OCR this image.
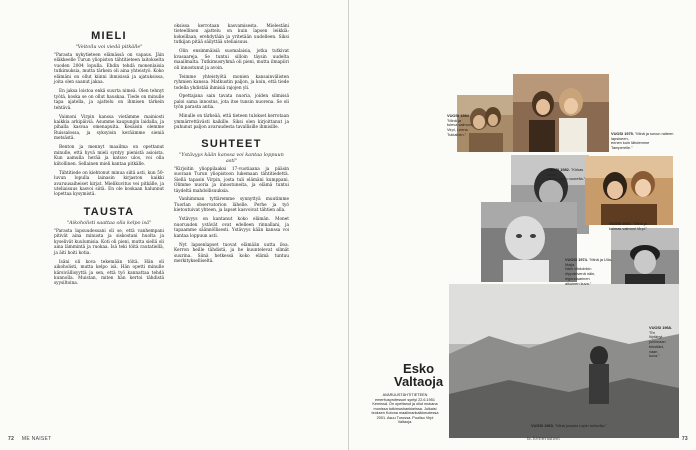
MIELI
"Veitoilu voi viedä pitkälle"

"Parasta nykytieteen elämässä on vapaus. Jäin eläkkeelle Turun yliopiston tähtitieteen laitokselta vuoden 2004 lopulla. Ehdin tehdä monenlaisia tutkimuksia, mutta tärkein oli aina yhteistyö. Koko elämäni on ollut kiinni ihmisissä ja ajatuksissa, joita olen saanut jakaa.

En jaksa loistoa enkä suurta nimeä. Olen tehnyt työtä, koska se on ollut hauskaa. Tiede on minulle tapa ajatella, ja ajattelu on ihmisen tärkein tehtävä.

Vaimoni Virpin kanssa vietämme mainiosti kaikkia arkipäiviä. Asumme kaupungin laidalla, ja pihalla kasvaa omenapuita. Kesäisin olemme Ruissalossa, ja syksyisin keräämme sieniä metsästä.

Benton ja mennyt maailma on opettanut minulle, että hyvä mieli syntyy pienistä asioista. Kun aamulla herää ja katsoo ulos, voi olla kiitollinen. Sellainen mieli kantaa pitkälle.

Tähtitiede on kiehtonut minua siitä asti, kun 50-luvun lopulla lainasin kirjaston kaikki avaruusaiheiset kirjat. Mielikuvitus vei pitkälle, ja uteliaisuus kasvoi siitä. En ole koskaan halunnut lopettaa kysymistä.

TAUSTA
"Aikoholisti saattaa olla kelpo isä"

"Parasta lapsuudessani oli se, että vanhempani pitivät aina minusta ja siskostani huolta ja kyselivät kuulumisia. Koti oli pieni, mutta siellä oli aina lämmintä ja ruokaa. Isä teki töitä rautatiellä, ja äiti hoiti kotia.

Isäni oli kova tekemään töitä. Hän oli aikoholisti, mutta kelpo isä. Hän opetti minulle kärsivällisyyttä ja sen, että työ kannattaa tehdä kunnolla. Muistan, miten hän kertoi tähdistä syysiltoina.

oksissa kerrotaan kasvamisesta. Mielestäni tieteellinen ajattelu on kuin lapsen leikkiä: kokeillaan, erehdytään ja yritetään uudelleen. Siksi tutkijan pitää säilyttää uteliaisuus.

Olin ensimmäisiä suomalaisia, jotka tutkivat kvasaareja. Se tuntui silloin täysin uudelta maailmalta. Tutkimusryhmä oli pieni, mutta ilmapiiri oli innostunut ja avoin.

Teimme yhteistyötä monien kansainvälisten ryhmien kanssa. Matkustin paljon, ja koin, että tiede todella yhdistää ihmisiä rajojen yli.

Opettajana sain tavata nuoria, joiden silmissä paloi sama innostus, jota itse tunsin nuorena. Se oli työn parasta antia.

Minulle on tärkeää, että tieteen tulokset kerrotaan ymmärrettävästi kaikille. Siksi olen kirjoittanut ja puhunut paljon avaruudesta tavallisille ihmisille.

SUHTEET
"Ystävyys kään kanssa voi kantaa loppuun asti"

"Kirjoitin ylioppilaaksi 17-vuotiaana ja pääsin suoraan Turun yliopistoon lukemaan tähtitiedettä. Siellä tapasin Virpin, josta tuli elämäni kumppani. Olimme nuoria ja innostuneita, ja elämä tuntui täydeltä mahdollisuuksia.

Vanhimman tyttäremme synnyttyä muutimme Tuorlan observatorion lähelle. Perhe ja työ kietoutuivat yhteen, ja lapset kasvoivat tähtien alla.

Ystävyys on kantanut koko elämän. Monet nuoruuden ystävät ovat edelleen rinnallani, ja tapaamme säännöllisesti. Ystävyys kään kanssa voi kantaa loppuun asti.

Nyt lapsenlapset tuovat elämään uutta iloa. Kerron heille tähdistä, ja he kuuntelevat silmät suurina. Siinä hetkessä koko elämä tuntuu merkitykselliseltä.

72 ME NAISET
VUOSI 1984
"Minä ja
tuleva vaimoni,
Virpi, Leena
Tukiainen."	VUOSI 1975. "Minä ja sovun raiteen lapsineen,
ennen kuin lähdemme
Tamperelle."
VUOSI 1982. "Kirkas kuva,
jossa näytin nuorelta."
VUOSI 2002. "Minä ja
kolmas vaimoni Virpi."
VUOSI 1974. "Minä ja Ulla-Maija
Näin vihdoinkin
riippakivenä näin,
legendaarinen
aikuinen kuva."
VUOSI 1968.
"En
löytänyt
juhlimaan
tekstiäni,
vaan
kuva."
VUOSI 1963. "Minä jossain Lapin tunturilla."
is.fi/menaiset	73
Esko
Valtaoja
AVARUUSTÄHTITIETEEN emeritusprofessori syntyi 22.6.1951 Kemissä. On opettanut ja ollut mukana monissa tutkimushankkeissa. Julkaisi teoksen Kotona maailmankaikkeudessa 2001. Asuu Turussa. Puoliso Virpi Valtaoja.
